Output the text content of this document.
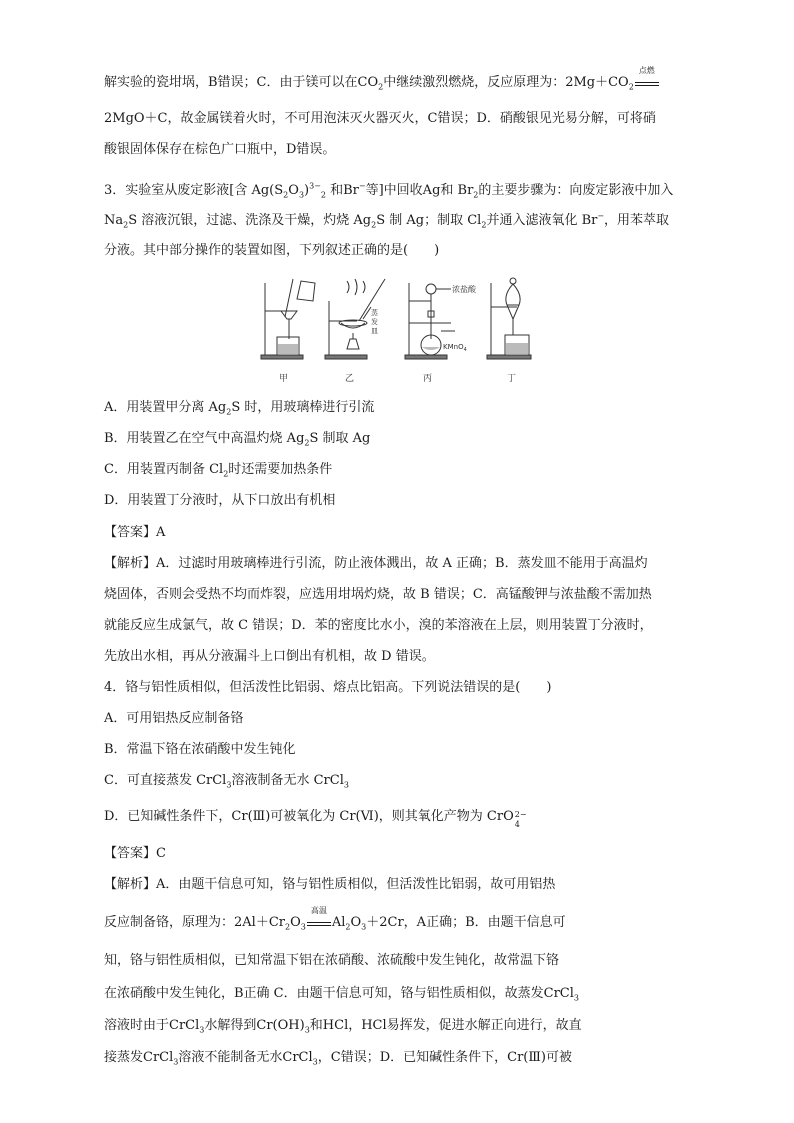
解实验的瓷坩埚，B错误；C．由于镁可以在$CO_2$中继续激烈燃烧，反应原理为：$2Mg+CO_2$
点燃
2MgO＋C，故金属镁着火时，不可用泡沫灭火器灭火，C错误；D．硝酸银见光易分解，可将硝
酸银固体保存在棕色广口瓶中，D错误。
3．实验室从废定影液[含 $Ag(S_2O_3)^{3-}_2$ 和Br−等]中回收Ag和 $Br_2$的主要步骤为：向废定影液中加入
$Na_2S$ 溶液沉银，过滤、洗涤及干燥，灼烧 $Ag_2S$ 制 Ag；制取 $Cl_2$并通入滤液氧化 Br−，用苯萃取
分液。其中部分操作的装置如图，下列叙述正确的是(　　)
蒸
发
皿
浓盐酸
KMnO$_4$
甲	乙	丙	丁
A．用装置甲分离 $Ag_2S$ 时，用玻璃棒进行引流
B．用装置乙在空气中高温灼烧 $Ag_2S$ 制取 Ag
C．用装置丙制备 $Cl_2$时还需要加热条件
D．用装置丁分液时，从下口放出有机相
【答案】A
【解析】A．过滤时用玻璃棒进行引流，防止液体溅出，故 A 正确；B．蒸发皿不能用于高温灼
烧固体，否则会受热不均而炸裂，应选用坩埚灼烧，故 B 错误；C．高锰酸钾与浓盐酸不需加热
就能反应生成氯气，故 C 错误；D．苯的密度比水小，溴的苯溶液在上层，则用装置丁分液时，
先放出水相，再从分液漏斗上口倒出有机相，故 D 错误。
4．铬与铝性质相似，但活泼性比铝弱、熔点比铝高。下列说法错误的是(　　)
A．可用铝热反应制备铬
B．常温下铬在浓硝酸中发生钝化
C．可直接蒸发 CrCl$_3$溶液制备无水 CrCl$_3$
D．已知碱性条件下，Cr(Ⅲ)可被氧化为 Cr(Ⅵ)，则其氧化产物为 CrO 2−
4
【答案】C
【解析】A．由题干信息可知，铬与铝性质相似，但活泼性比铝弱，故可用铝热
反应制备铬，原理为：$2Al+Cr_2O_3$
高温
$Al_2O_3+2Cr$，A正确；B．由题干信息可
知，铬与铝性质相似，已知常温下铝在浓硝酸、浓硫酸中发生钝化，故常温下铬
在浓硝酸中发生钝化，B正确 C．由题干信息可知，铬与铝性质相似，故蒸发CrCl$_3$
溶液时由于CrCl$_3$水解得到$Cr(OH)_3$和HCl，HCl易挥发，促进水解正向进行，故直
接蒸发CrCl$_3$溶液不能制备无水CrCl$_3$，C错误；D．已知碱性条件下，Cr(Ⅲ)可被
